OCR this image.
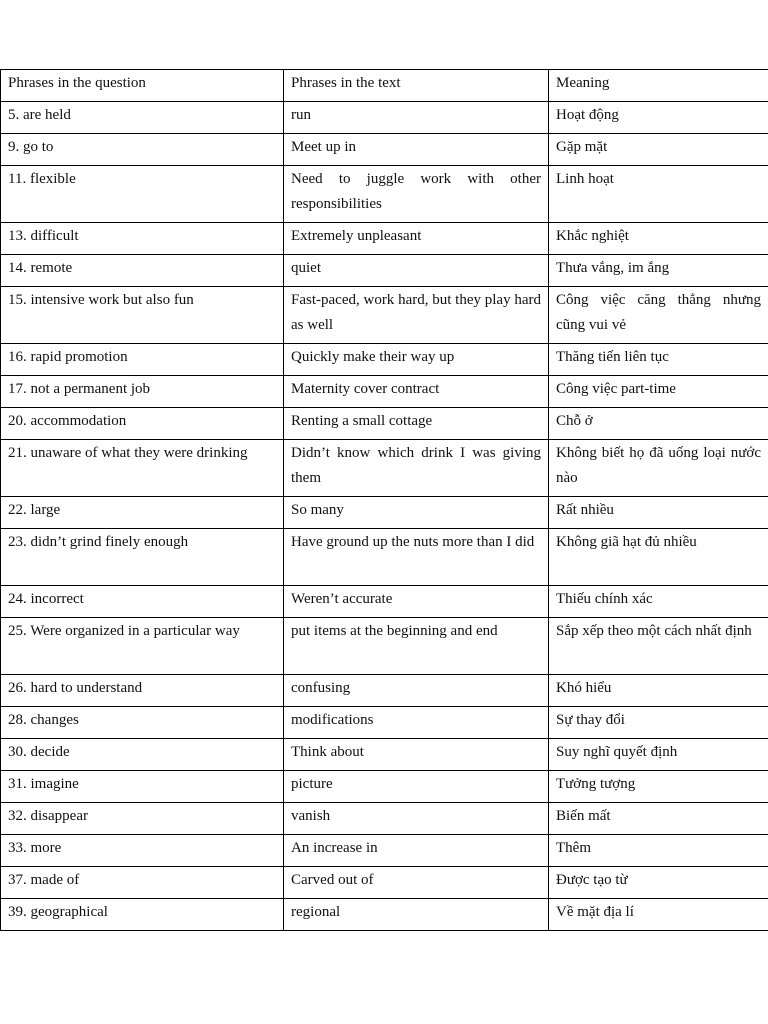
Phrases in the question	Phrases in the text	Meaning
5. are held	run	Hoạt động
9. go to	Meet up in	Gặp mặt
11. flexible	Need to juggle work with other responsibilities	Linh hoạt
13. difficult	Extremely unpleasant	Khắc nghiệt
14. remote	quiet	Thưa vắng, im ắng
15. intensive work but also fun	Fast-paced, work hard, but they play hard as well	Công việc căng thẳng nhưng cũng vui vẻ
16. rapid promotion	Quickly make their way up	Thăng tiến liên tục
17. not a permanent job	Maternity cover contract	Công việc part-time
20. accommodation	Renting a small cottage	Chỗ ở
21. unaware of what they were drinking	Didn’t know which drink I was giving them	Không biết họ đã uống loại nước nào
22. large	So many	Rất nhiều
23. didn’t grind finely enough	Have ground up the nuts more than I did	Không giã hạt đủ nhiều
24. incorrect	Weren’t accurate	Thiếu chính xác
25. Were organized in a particular way	put items at the beginning and end	Sắp xếp theo một cách nhất định
26. hard to understand	confusing	Khó hiểu
28. changes	modifications	Sự thay đổi
30. decide	Think about	Suy nghĩ quyết định
31. imagine	picture	Tưởng tượng
32. disappear	vanish	Biến mất
33. more	An increase in	Thêm
37. made of	Carved out of	Được tạo từ
39. geographical	regional	Về mặt địa lí
